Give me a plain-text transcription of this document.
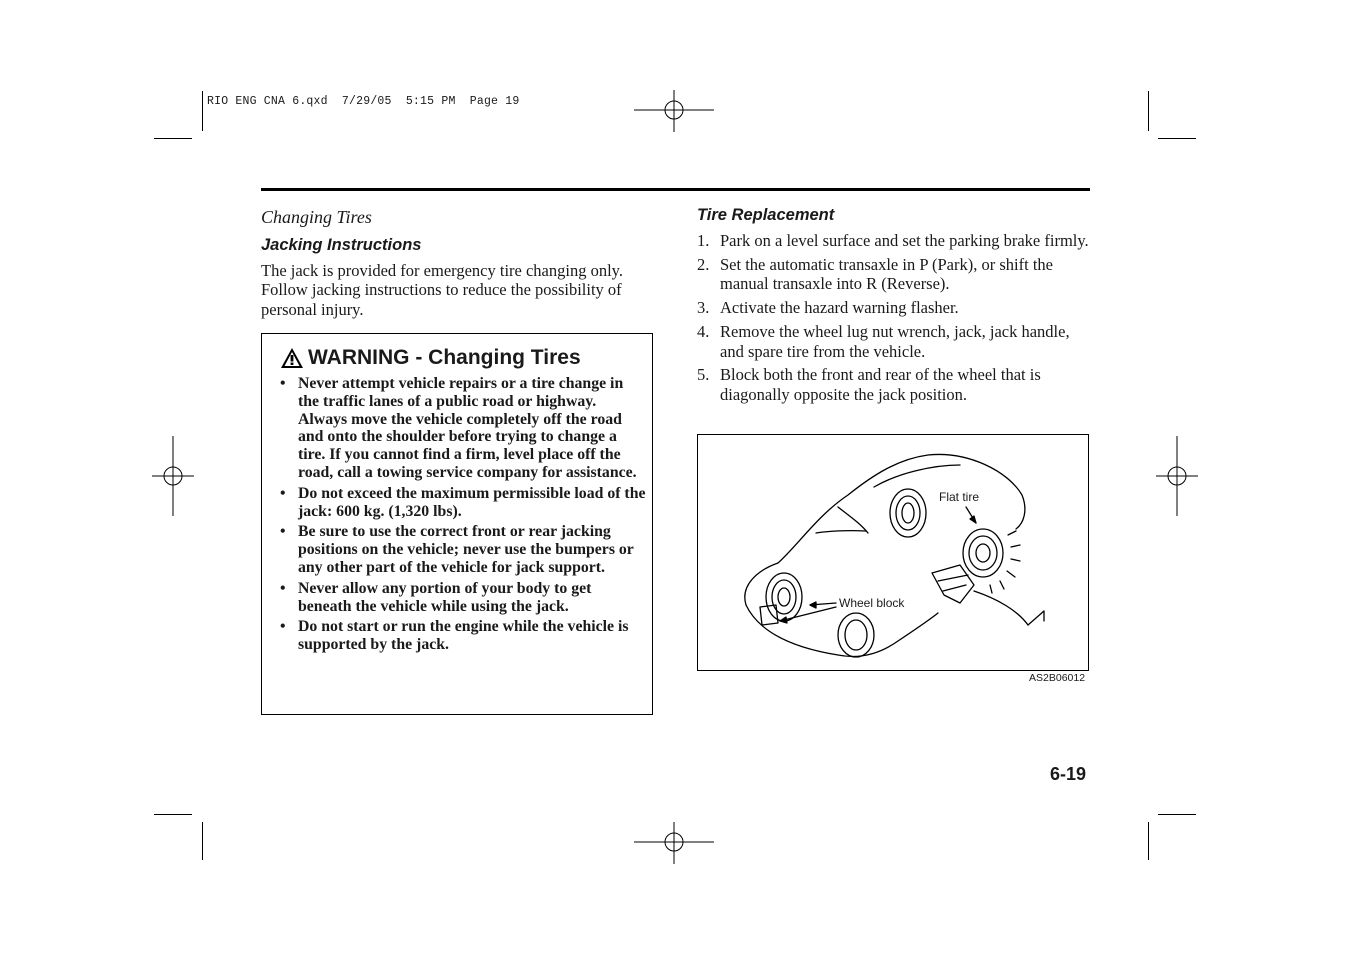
RIO ENG CNA 6.qxd  7/29/05  5:15 PM  Page 19
Changing Tires
Jacking Instructions
The jack is provided for emergency tire changing only. Follow jacking instructions to reduce the possibility of personal injury.
WARNING - Changing Tires
• Never attempt vehicle repairs or a tire change in the traffic lanes of a public road or highway. Always move the vehicle completely off the road and onto the shoulder before trying to change a tire. If you cannot find a firm, level place off the road, call a towing service company for assistance.
• Do not exceed the maximum permissible load of the jack: 600 kg. (1,320 lbs).
• Be sure to use the correct front or rear jacking positions on the vehicle; never use the bumpers or any other part of the vehicle for jack support.
• Never allow any portion of your body to get beneath the vehicle while using the jack.
• Do not start or run the engine while the vehicle is supported by the jack.
Tire Replacement
1. Park on a level surface and set the parking brake firmly.
2. Set the automatic transaxle in P (Park), or shift the manual transaxle into R (Reverse).
3. Activate the hazard warning flasher.
4. Remove the wheel lug nut wrench, jack, jack handle, and spare tire from the vehicle.
5. Block both the front and rear of the wheel that is diagonally opposite the jack position.
Flat tire
Wheel block
AS2B06012
6-19
